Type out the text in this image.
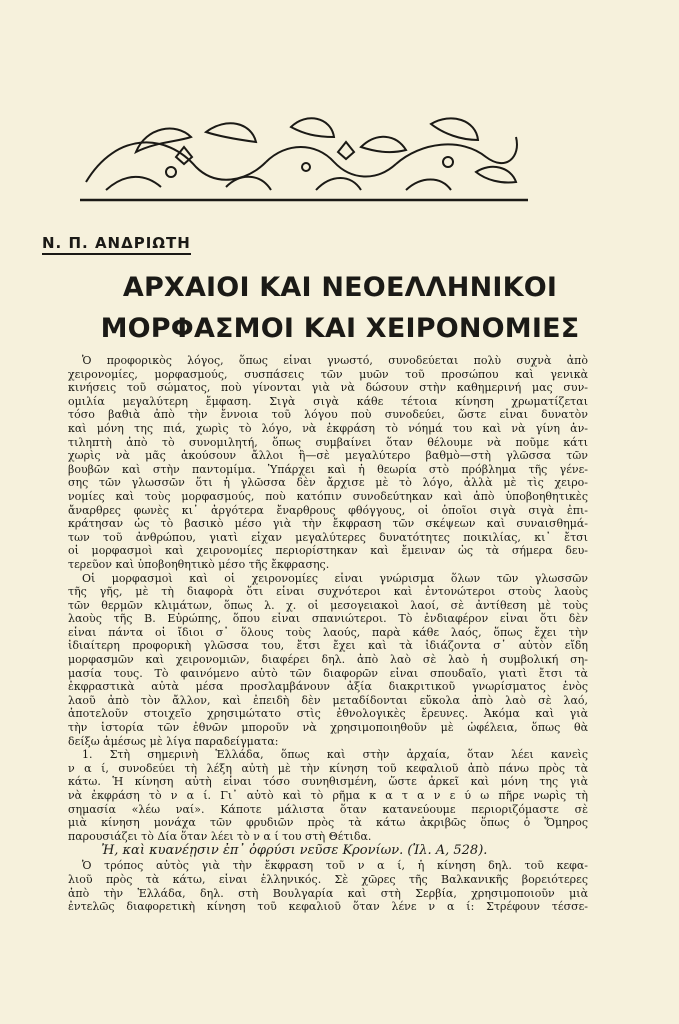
Ν. Π. ΑΝΔΡΙΩΤΗ
ΑΡΧΑΙΟΙ ΚΑΙ ΝΕΟΕΛΛΗΝΙΚΟΙ
ΜΟΡΦΑΣΜΟΙ ΚΑΙ ΧΕΙΡΟΝΟΜΙΕΣ
Ὁ προφορικὸς λόγος, ὅπως εἶναι γνωστό, συνοδεύεται πολὺ συχνὰ ἀπὸ
χειρονομίες, μορφασμούς, συσπάσεις τῶν μυῶν τοῦ προσώπου καὶ γενικὰ
κινήσεις τοῦ σώματος, ποὺ γίνονται γιὰ νὰ δώσουν στὴν καθημερινή μας συν-
ομιλία μεγαλύτερη ἔμφαση. Σιγὰ σιγὰ κάθε τέτοια κίνηση χρωματίζεται
τόσο βαθιὰ ἀπὸ τὴν ἔννοια τοῦ λόγου ποὺ συνοδεύει, ὥστε εἶναι δυνατὸν
καὶ μόνη της πιά, χωρὶς τὸ λόγο, νὰ ἐκφράση τὸ νόημά του καὶ νὰ γίνη ἀν-
τιληπτὴ ἀπὸ τὸ συνομιλητή, ὅπως συμβαίνει ὅταν θέλουμε νὰ ποῦμε κάτι
χωρὶς νὰ μᾶς ἀκούσουν ἄλλοι ἢ—σὲ μεγαλύτερο βαθμὸ—στὴ γλῶσσα τῶν
βουβῶν καὶ στὴν παντομίμα. Ὑπάρχει καὶ ἡ θεωρία στὸ πρόβλημα τῆς γένε-
σης τῶν γλωσσῶν ὅτι ἡ γλῶσσα δὲν ἄρχισε μὲ τὸ λόγο, ἀλλὰ μὲ τὶς χειρο-
νομίες καὶ τοὺς μορφασμούς, ποὺ κατόπιν συνοδεύτηκαν καὶ ἀπὸ ὑποβοηθητικὲς
ἄναρθρες φωνὲς κι᾿ ἀργότερα ἔναρθρους φθόγγους, οἱ ὁποῖοι σιγὰ σιγὰ ἐπι-
κράτησαν ὡς τὸ βασικὸ μέσο γιὰ τὴν ἔκφραση τῶν σκέψεων καὶ συναισθημά-
των τοῦ ἀνθρώπου, γιατὶ εἶχαν μεγαλύτερες δυνατότητες ποικιλίας, κι᾿ ἔτσι
οἱ μορφασμοὶ καὶ χειρονομίες περιορίστηκαν καὶ ἔμειναν ὡς τὰ σήμερα δευ-
τερεῦον καὶ ὑποβοηθητικὸ μέσο τῆς ἔκφρασης.
Οἱ μορφασμοὶ καὶ οἱ χειρονομίες εἶναι γνώρισμα ὅλων τῶν γλωσσῶν
τῆς γῆς, μὲ τὴ διαφορὰ ὅτι εἶναι συχνότεροι καὶ ἐντονώτεροι στοὺς λαοὺς
τῶν θερμῶν κλιμάτων, ὅπως λ. χ. οἱ μεσογειακοὶ λαοί, σὲ ἀντίθεση μὲ τοὺς
λαοὺς τῆς Β. Εὐρώπης, ὅπου εἶναι σπανιώτεροι. Τὸ ἐνδιαφέρον εἶναι ὅτι δὲν
εἶναι πάντα οἱ ἴδιοι σ᾿ ὅλους τοὺς λαούς, παρὰ κάθε λαός, ὅπως ἔχει τὴν
ἰδιαίτερη προφορικὴ γλῶσσα του, ἔτσι ἔχει καὶ τὰ ἰδιάζοντα σ᾿ αὐτὸν εἴδη
μορφασμῶν καὶ χειρονομιῶν, διαφέρει δηλ. ἀπὸ λαὸ σὲ λαὸ ἡ συμβολική ση-
μασία τους. Τὸ φαινόμενο αὐτὸ τῶν διαφορῶν εἶναι σπουδαῖο, γιατὶ ἔτσι τὰ
ἐκφραστικὰ αὐτὰ μέσα προσλαμβάνουν ἀξία διακριτικοῦ γνωρίσματος ἑνὸς
λαοῦ ἀπὸ τὸν ἄλλον, καὶ ἐπειδὴ δὲν μεταδίδονται εὔκολα ἀπὸ λαὸ σὲ λαό,
ἀποτελοῦν στοιχεῖο χρησιμώτατο στὶς ἐθνολογικὲς ἔρευνες. Ἀκόμα καὶ γιὰ
τὴν ἱστορία τῶν ἐθνῶν μποροῦν νὰ χρησιμοποιηθοῦν μὲ ὠφέλεια, ὅπως θὰ
δείξω ἀμέσως μὲ λίγα παραδείγματα:
1. Στὴ σημερινὴ Ἑλλάδα, ὅπως καὶ στὴν ἀρχαία, ὅταν λέει κανεὶς
ν α ί, συνοδεύει τὴ λέξη αὐτὴ μὲ τὴν κίνηση τοῦ κεφαλιοῦ ἀπὸ πάνω πρὸς τὰ
κάτω. Ἡ κίνηση αὐτὴ εἶναι τόσο συνηθισμένη, ὥστε ἀρκεῖ καὶ μόνη της γιὰ
νὰ ἐκφράση τὸ ν α ί. Γι᾿ αὐτὸ καὶ τὸ ρῆμα κ α τ α ν ε ύ ω πῆρε νωρὶς τὴ
σημασία «λέω ναί». Κάποτε μάλιστα ὅταν κατανεύουμε περιοριζόμαστε σὲ
μιὰ κίνηση μονάχα τῶν φρυδιῶν πρὸς τὰ κάτω ἀκριβῶς ὅπως ὁ Ὅμηρος
παρουσιάζει τὸ Δία ὅταν λέει τὸ ν α ί του στὴ Θέτιδα.
Ἦ, καὶ κυανέῃσιν ἐπ᾿ ὀφρύσι νεῦσε Κρονίων. (Ἰλ. Α, 528).
Ὁ τρόπος αὐτὸς γιὰ τὴν ἔκφραση τοῦ ν α ί, ἡ κίνηση δηλ. τοῦ κεφα-
λιοῦ πρὸς τὰ κάτω, εἶναι ἑλληνικός. Σὲ χῶρες τῆς Βαλκανικῆς βορειότερες
ἀπὸ τὴν Ἑλλάδα, δηλ. στὴ Βουλγαρία καὶ στὴ Σερβία, χρησιμοποιοῦν μιὰ
ἐντελῶς διαφορετικὴ κίνηση τοῦ κεφαλιοῦ ὅταν λένε ν α ί: Στρέφουν τέσσε-
